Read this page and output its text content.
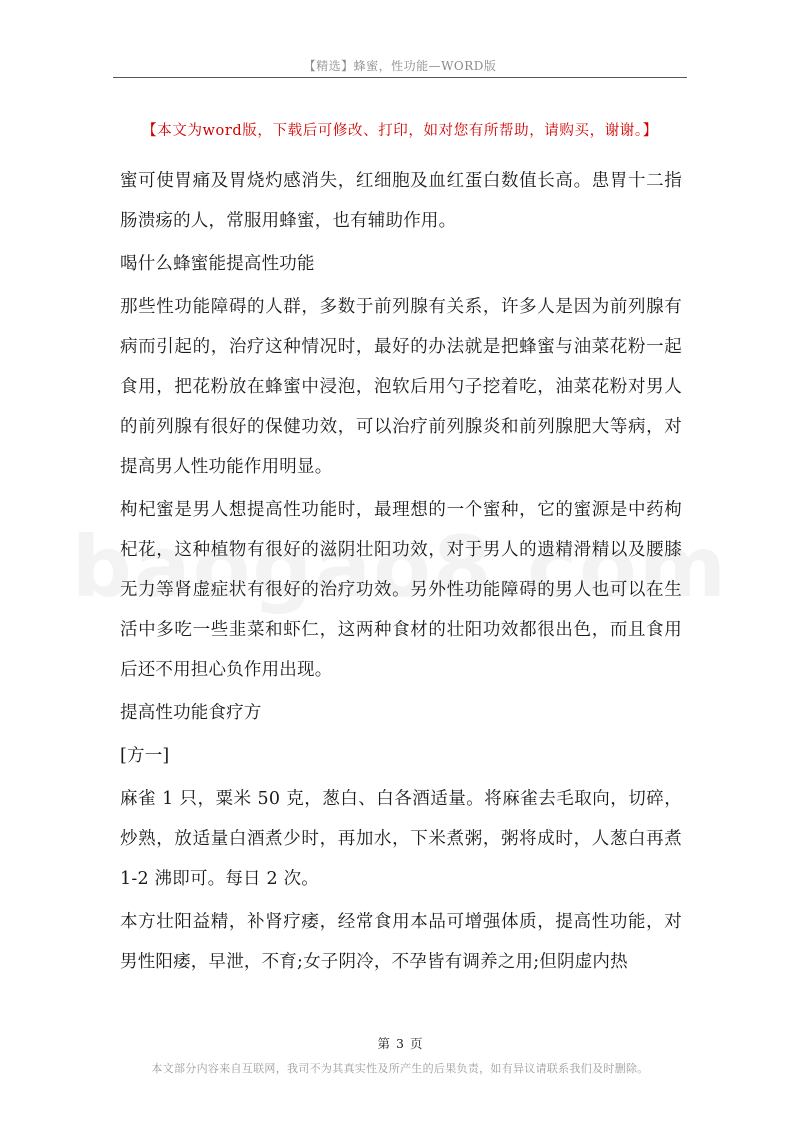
【精选】蜂蜜，性功能—WORD版
【本文为word版，下载后可修改、打印，如对您有所帮助，请购买，谢谢。】

蜜可使胃痛及胃烧灼感消失，红细胞及血红蛋白数值长高。患胃十二指肠溃疡的人，常服用蜂蜜，也有辅助作用。

喝什么蜂蜜能提高性功能

那些性功能障碍的人群，多数于前列腺有关系，许多人是因为前列腺有病而引起的，治疗这种情况时，最好的办法就是把蜂蜜与油菜花粉一起食用，把花粉放在蜂蜜中浸泡，泡软后用勺子挖着吃，油菜花粉对男人的前列腺有很好的保健功效，可以治疗前列腺炎和前列腺肥大等病，对提高男人性功能作用明显。

枸杞蜜是男人想提高性功能时，最理想的一个蜜种，它的蜜源是中药枸杞花，这种植物有很好的滋阴壮阳功效，对于男人的遗精滑精以及腰膝无力等肾虚症状有很好的治疗功效。另外性功能障碍的男人也可以在生活中多吃一些韭菜和虾仁，这两种食材的壮阳功效都很出色，而且食用后还不用担心负作用出现。

提高性功能食疗方

[方一]

麻雀 1 只，粟米 50 克，葱白、白各酒适量。将麻雀去毛取向，切碎，炒熟，放适量白酒煮少时，再加水，下米煮粥，粥将成时，人葱白再煮 1-2 沸即可。每日 2 次。

本方壮阳益精，补肾疗痿，经常食用本品可增强体质，提高性功能，对男性阳痿，早泄，不育;女子阴冷，不孕皆有调养之用;但阴虚内热

第 3 页
本文部分内容来自互联网，我司不为其真实性及所产生的后果负责，如有异议请联系我们及时删除。
